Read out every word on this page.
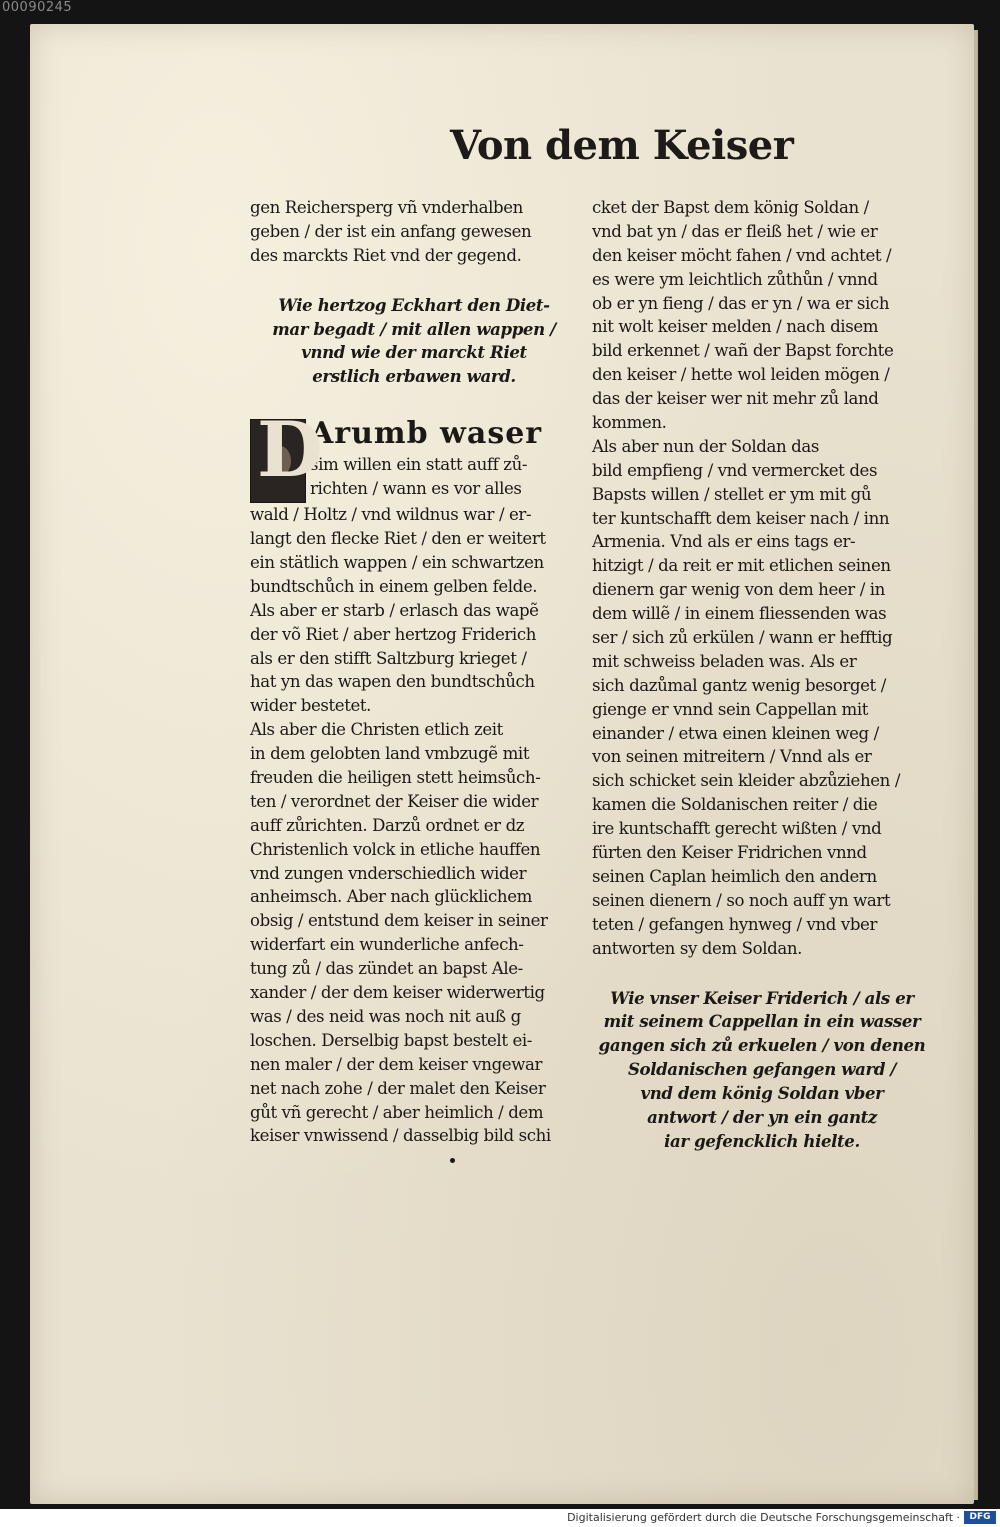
00090245
Von dem Keiser
gen Reichersperg vñ vnderhalben
geben / der ist ein anfang gewesen
des marckts Riet vnd der gegend.
Wie hertzog Eckhart den Diet‑
mar begadt / mit allen wappen /
vnnd wie der marckt Riet
erstlich erbawen ward.
D
Arumb waser
sim willen ein statt auff zů‑
richten / wann es vor alles
wald / Holtz / vnd wildnus war / er‑
langt den flecke Riet / den er weitert
ein stätlich wappen / ein schwartzen
bundtschůch in einem gelben felde.
Als aber er starb / erlasch das wapẽ
der võ Riet / aber hertzog Friderich
als er den stifft Saltzburg krieget /
hat yn das wapen den bundtschůch
wider bestetet.
Als aber die Christen etlich zeit
in dem gelobten land vmbzugẽ mit
freuden die heiligen stett heimsůch‑
ten / verordnet der Keiser die wider
auff zůrichten. Darzů ordnet er dz
Christenlich volck in etliche hauffen
vnd zungen vnderschiedlich wider
anheimsch. Aber nach glücklichem
obsig / entstund dem keiser in seiner
widerfart ein wunderliche anfech‑
tung zů / das zündet an bapst Ale‑
xander / der dem keiser widerwertig
was / des neid was noch nit auß g
loschen. Derselbig bapst bestelt ei‑
nen maler / der dem keiser vngewar
net nach zohe / der malet den Keiser
gůt vñ gerecht / aber heimlich / dem
keiser vnwissend / dasselbig bild schi
cket der Bapst dem könig Soldan /
vnd bat yn / das er fleiß het / wie er
den keiser möcht fahen / vnd achtet /
es were ym leichtlich zůthůn / vnnd
ob er yn fieng / das er yn / wa er sich
nit wolt keiser melden / nach disem
bild erkennet / wañ der Bapst forchte
den keiser / hette wol leiden mögen /
das der keiser wer nit mehr zů land
kommen.
Als aber nun der Soldan das
bild empfieng / vnd vermercket des
Bapsts willen / stellet er ym mit gů
ter kuntschafft dem keiser nach / inn
Armenia. Vnd als er eins tags er‑
hitzigt / da reit er mit etlichen seinen
dienern gar wenig von dem heer / in
dem willẽ / in einem fliessenden was
ser / sich zů erkülen / wann er hefftig
mit schweiss beladen was. Als er
sich dazůmal gantz wenig besorget /
gienge er vnnd sein Cappellan mit
einander / etwa einen kleinen weg /
von seinen mitreitern / Vnnd als er
sich schicket sein kleider abzůziehen /
kamen die Soldanischen reiter / die
ire kuntschafft gerecht wißten / vnd
fürten den Keiser Fridrichen vnnd
seinen Caplan heimlich den andern
seinen dienern / so noch auff yn wart
teten / gefangen hynweg / vnd vber
antworten sy dem Soldan.
Wie vnser Keiser Friderich / als er
mit seinem Cappellan in ein wasser
gangen sich zů erkuelen / von denen
Soldanischen gefangen ward /
vnd dem könig Soldan vber
antwort / der yn ein gantz
iar gefencklich hielte.
Digitalisierung gefördert durch die Deutsche Forschungsgemeinschaft ·	DFG
